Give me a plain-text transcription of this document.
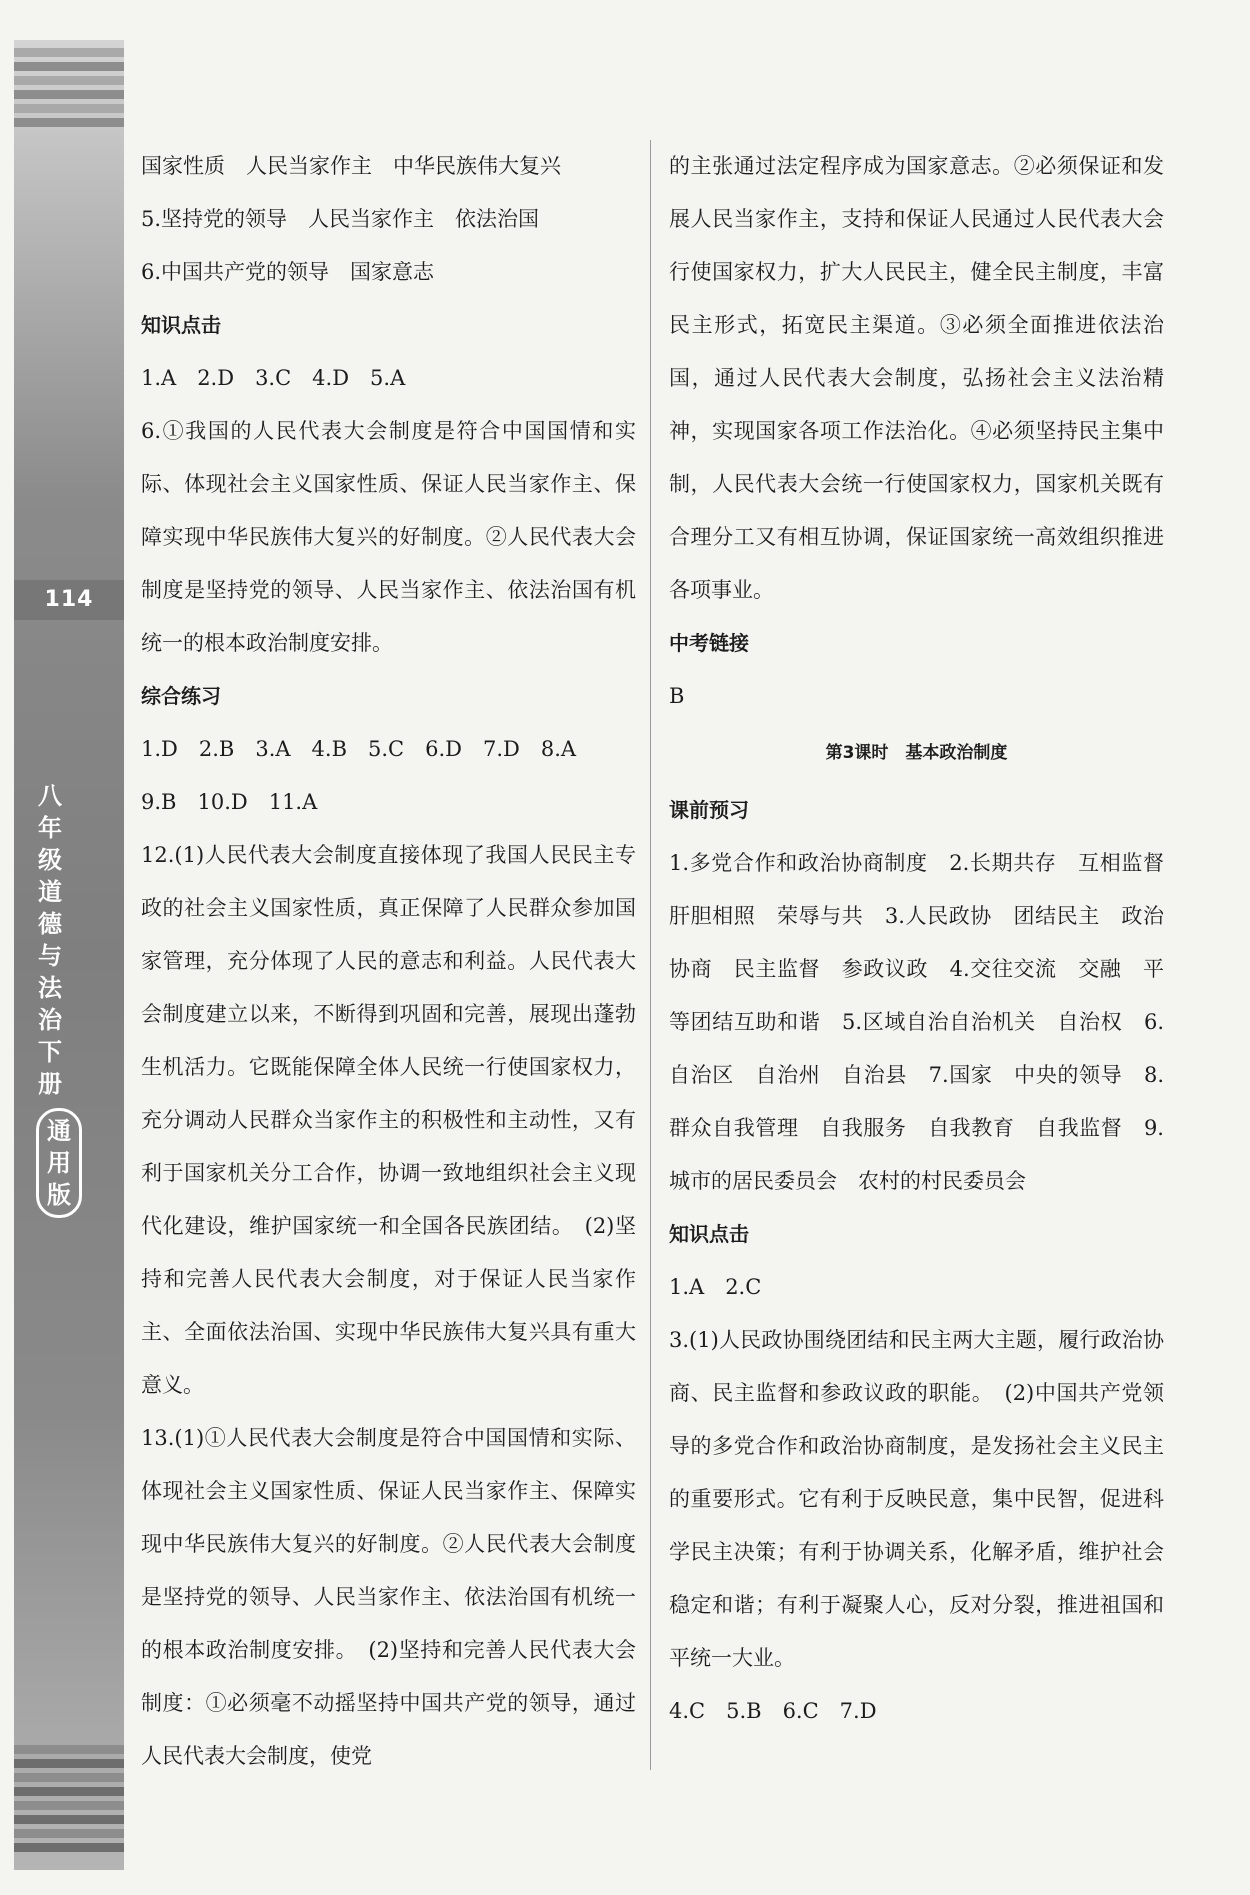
114
八年级道德与法治 下册
通用版

国家性质　人民当家作主　中华民族伟大复兴

5.坚持党的领导　人民当家作主　依法治国

6.中国共产党的领导　国家意志

知识点击

1.A　2.D　3.C　4.D　5.A

6.①我国的人民代表大会制度是符合中国国情和实际、体现社会主义国家性质、保证人民当家作主、保障实现中华民族伟大复兴的好制度。②人民代表大会制度是坚持党的领导、人民当家作主、依法治国有机统一的根本政治制度安排。

综合练习

1.D　2.B　3.A　4.B　5.C　6.D　7.D　8.A

9.B　10.D　11.A

12.(1)人民代表大会制度直接体现了我国人民民主专政的社会主义国家性质，真正保障了人民群众参加国家管理，充分体现了人民的意志和利益。人民代表大会制度建立以来，不断得到巩固和完善，展现出蓬勃生机活力。它既能保障全体人民统一行使国家权力，充分调动人民群众当家作主的积极性和主动性，又有利于国家机关分工合作，协调一致地组织社会主义现代化建设，维护国家统一和全国各民族团结。　(2)坚持和完善人民代表大会制度，对于保证人民当家作主、全面依法治国、实现中华民族伟大复兴具有重大意义。

13.(1)①人民代表大会制度是符合中国国情和实际、体现社会主义国家性质、保证人民当家作主、保障实现中华民族伟大复兴的好制度。②人民代表大会制度是坚持党的领导、人民当家作主、依法治国有机统一的根本政治制度安排。　(2)坚持和完善人民代表大会制度：①必须毫不动摇坚持中国共产党的领导，通过人民代表大会制度，使党

的主张通过法定程序成为国家意志。②必须保证和发展人民当家作主，支持和保证人民通过人民代表大会行使国家权力，扩大人民民主，健全民主制度，丰富民主形式，拓宽民主渠道。③必须全面推进依法治国，通过人民代表大会制度，弘扬社会主义法治精神，实现国家各项工作法治化。④必须坚持民主集中制，人民代表大会统一行使国家权力，国家机关既有合理分工又有相互协调，保证国家统一高效组织推进各项事业。

中考链接

B

第3课时　基本政治制度

课前预习

1.多党合作和政治协商制度　2.长期共存　互相监督　肝胆相照　荣辱与共　3.人民政协　团结民主　政治协商　民主监督　参政议政　4.交往交流　交融　平等团结互助和谐　5.区域自治自治机关　自治权　6.自治区　自治州　自治县　7.国家　中央的领导　8.群众自我管理　自我服务　自我教育　自我监督　9.城市的居民委员会　农村的村民委员会

知识点击

1.A　2.C

3.(1)人民政协围绕团结和民主两大主题，履行政治协商、民主监督和参政议政的职能。　(2)中国共产党领导的多党合作和政治协商制度，是发扬社会主义民主的重要形式。它有利于反映民意，集中民智，促进科学民主决策；有利于协调关系，化解矛盾，维护社会稳定和谐；有利于凝聚人心，反对分裂，推进祖国和平统一大业。

4.C　5.B　6.C　7.D
